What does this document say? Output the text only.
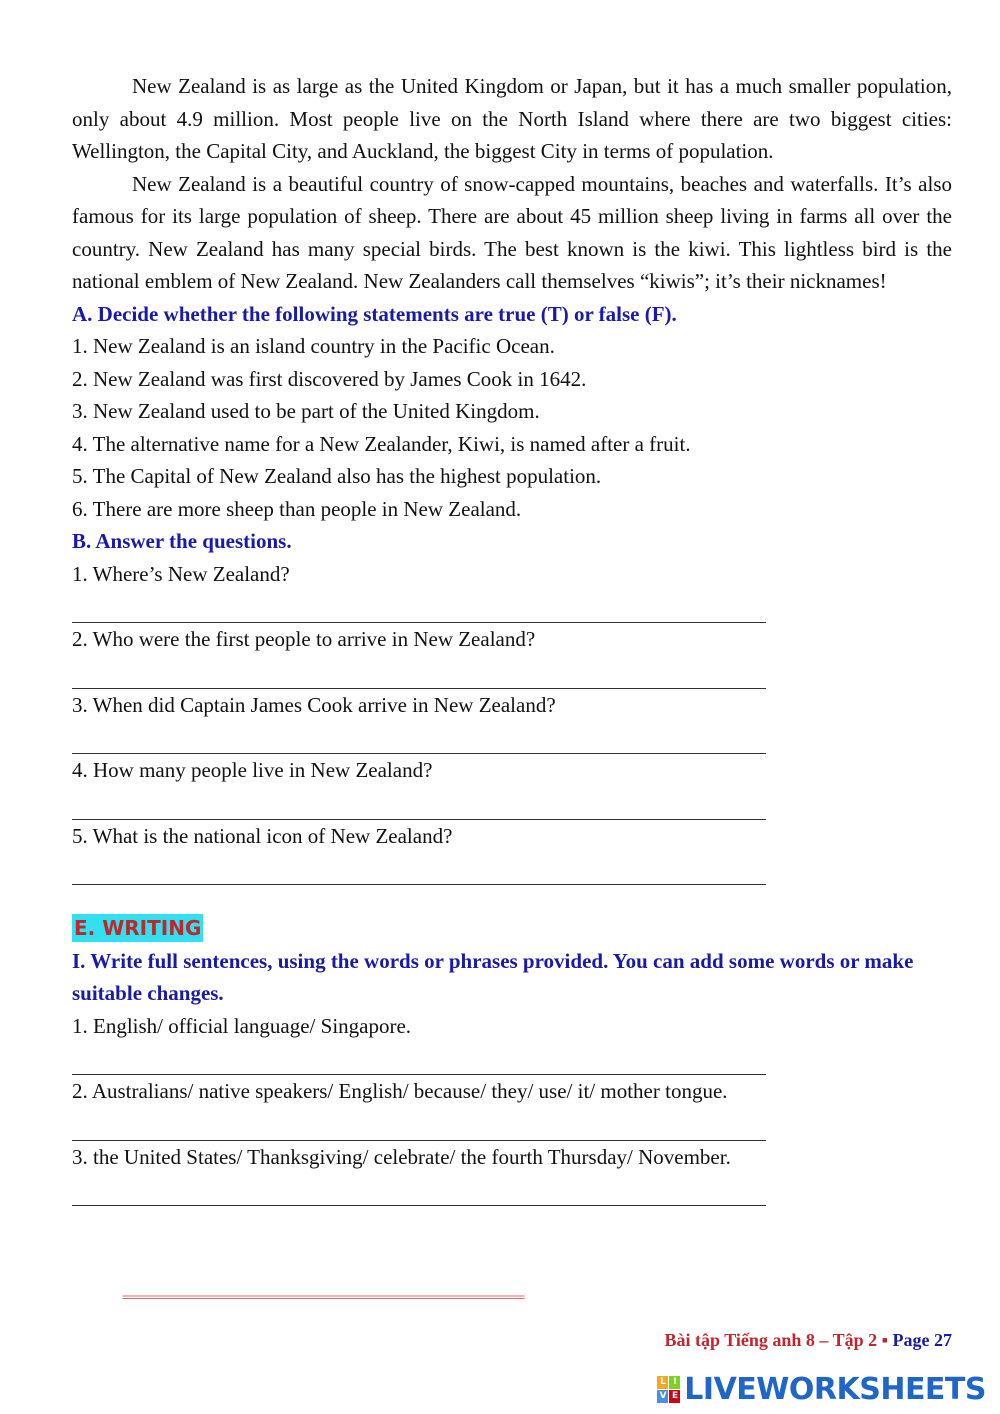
New Zealand is as large as the United Kingdom or Japan, but it has a much smaller population, only about 4.9 million. Most people live on the North Island where there are two biggest cities: Wellington, the Capital City, and Auckland, the biggest City in terms of population.

New Zealand is a beautiful country of snow-capped mountains, beaches and waterfalls. It’s also famous for its large population of sheep. There are about 45 million sheep living in farms all over the country. New Zealand has many special birds. The best known is the kiwi. This lightless bird is the national emblem of New Zealand. New Zealanders call themselves “kiwis”; it’s their nicknames!

A. Decide whether the following statements are true (T) or false (F).

1. New Zealand is an island country in the Pacific Ocean.

2. New Zealand was first discovered by James Cook in 1642.

3. New Zealand used to be part of the United Kingdom.

4. The alternative name for a New Zealander, Kiwi, is named after a fruit.

5. The Capital of New Zealand also has the highest population.

6. There are more sheep than people in New Zealand.

B. Answer the questions.

1. Where’s New Zealand?

2. Who were the first people to arrive in New Zealand?

3. When did Captain James Cook arrive in New Zealand?

4. How many people live in New Zealand?

5. What is the national icon of New Zealand?

E. WRITING

I. Write full sentences, using the words or phrases provided. You can add some words or make suitable changes.

1. English/ official language/ Singapore.

2. Australians/ native speakers/ English/ because/ they/ use/ it/ mother tongue.

3. the United States/ Thanksgiving/ celebrate/ the fourth Thursday/ November.

==========================================================================
Bài tập Tiếng anh 8 – Tập 2 ▪ Page 27
L I
V E LIVEWORKSHEETS
